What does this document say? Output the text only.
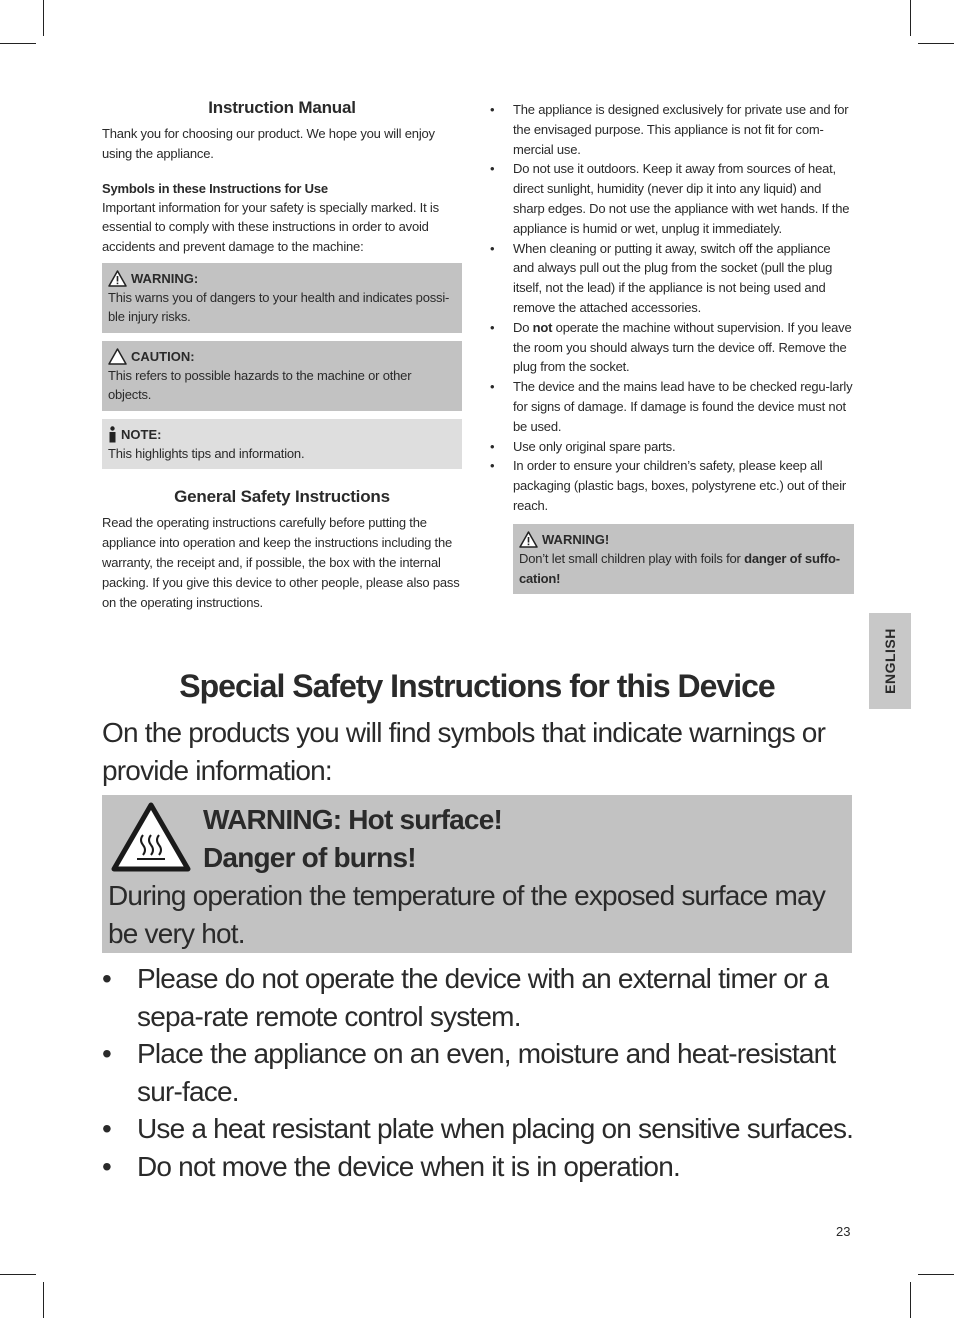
Instruction Manual

Thank you for choosing our product. We hope you will enjoy using the appliance.

Symbols in these Instructions for Use

Important information for your safety is specially marked. It is essential to comply with these instructions in order to avoid accidents and prevent damage to the machine:

WARNING:

This warns you of dangers to your health and indicates possi-ble injury risks.

CAUTION:

This refers to possible hazards to the machine or other objects.

NOTE:

This highlights tips and information.

General Safety Instructions

Read the operating instructions carefully before putting the appliance into operation and keep the instructions including the warranty, the receipt and, if possible, the box with the internal packing. If you give this device to other people, please also pass on the operating instructions.

• The appliance is designed exclusively for private use and for the envisaged purpose. This appliance is not fit for com-mercial use.
• Do not use it outdoors. Keep it away from sources of heat, direct sunlight, humidity (never dip it into any liquid) and sharp edges. Do not use the appliance with wet hands. If the appliance is humid or wet, unplug it immediately.
• When cleaning or putting it away, switch off the appliance and always pull out the plug from the socket (pull the plug itself, not the lead) if the appliance is not being used and remove the attached accessories.
• Do not operate the machine without supervision. If you leave the room you should always turn the device off. Remove the plug from the socket.
• The device and the mains lead have to be checked regu-larly for signs of damage. If damage is found the device must not be used.
• Use only original spare parts.
• In order to ensure your children’s safety, please keep all packaging (plastic bags, boxes, polystyrene etc.) out of their reach.
WARNING!

Don’t let small children play with foils for danger of suffo-cation!

ENGLISH
Special Safety Instructions for this Device

On the products you will find symbols that indicate warnings or provide information:

WARNING: Hot surface!
Danger of burns!
During operation the temperature of the exposed surface may be very hot.
• Please do not operate the device with an external timer or a sepa-rate remote control system.
• Place the appliance on an even, moisture and heat-resistant sur-face.
• Use a heat resistant plate when placing on sensitive surfaces.
• Do not move the device when it is in operation.
23
